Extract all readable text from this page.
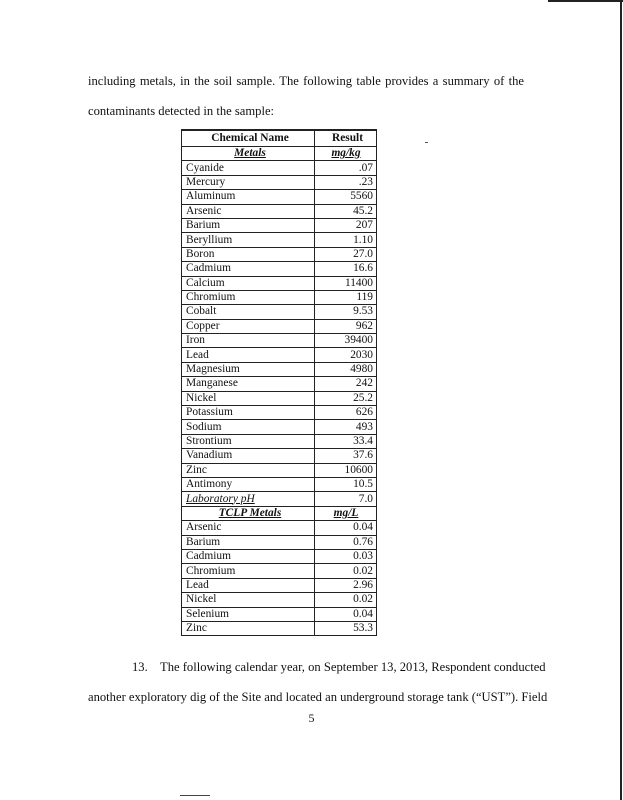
including metals, in the soil sample. The following table provides a summary of the
contaminants detected in the sample:
Chemical Name	Result
Metals	mg/kg
Cyanide	.07
Mercury	.23
Aluminum	5560
Arsenic	45.2
Barium	207
Beryllium	1.10
Boron	27.0
Cadmium	16.6
Calcium	11400
Chromium	119
Cobalt	9.53
Copper	962
Iron	39400
Lead	2030
Magnesium	4980
Manganese	242
Nickel	25.2
Potassium	626
Sodium	493
Strontium	33.4
Vanadium	37.6
Zinc	10600
Antimony	10.5
Laboratory pH	7.0
TCLP Metals	mg/L
Arsenic	0.04
Barium	0.76
Cadmium	0.03
Chromium	0.02
Lead	2.96
Nickel	0.02
Selenium	0.04
Zinc	53.3
13. The following calendar year, on September 13, 2013, Respondent conducted
another exploratory dig of the Site and located an underground storage tank (“UST”). Field
5
